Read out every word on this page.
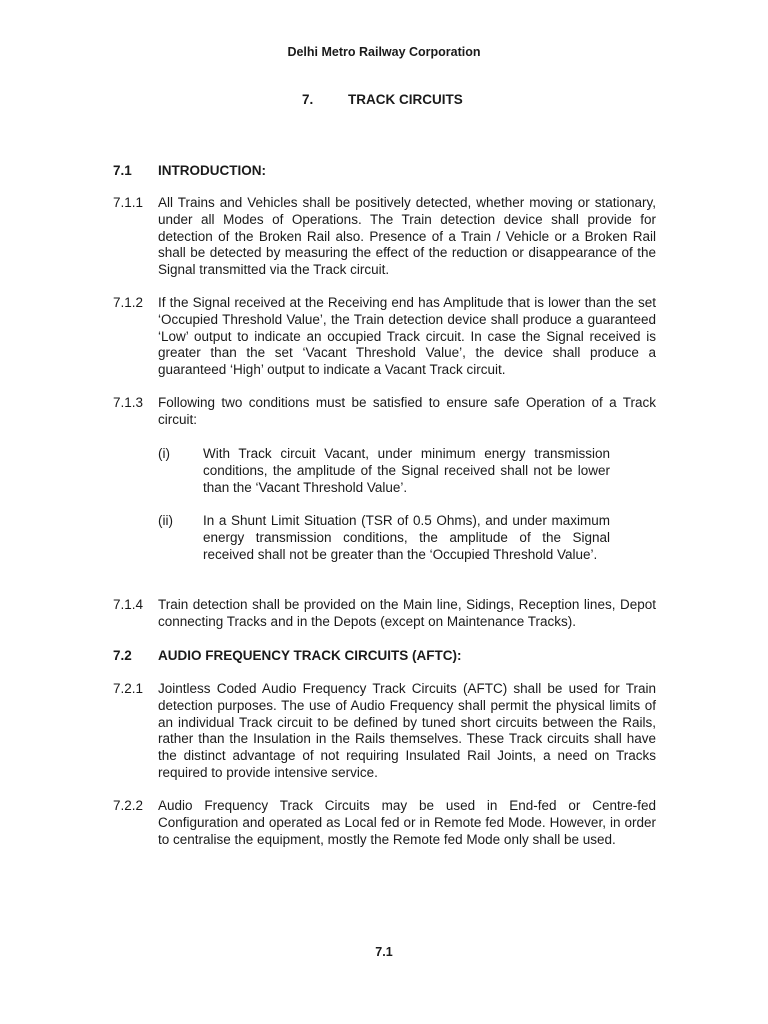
Delhi Metro Railway Corporation
7.	TRACK CIRCUITS
7.1 INTRODUCTION:
7.1.1 All Trains and Vehicles shall be positively detected, whether moving or stationary, under all Modes of Operations. The Train detection device shall provide for detection of the Broken Rail also. Presence of a Train / Vehicle or a Broken Rail shall be detected by measuring the effect of the reduction or disappearance of the Signal transmitted via the Track circuit.
7.1.2 If the Signal received at the Receiving end has Amplitude that is lower than the set ‘Occupied Threshold Value’, the Train detection device shall produce a guaranteed ‘Low’ output to indicate an occupied Track circuit. In case the Signal received is greater than the set ‘Vacant Threshold Value’, the device shall produce a guaranteed ‘High’ output to indicate a Vacant Track circuit.
7.1.3 Following two conditions must be satisfied to ensure safe Operation of a Track circuit:
(i) With Track circuit Vacant, under minimum energy transmission conditions, the amplitude of the Signal received shall not be lower than the ‘Vacant Threshold Value’.
(ii) In a Shunt Limit Situation (TSR of 0.5 Ohms), and under maximum energy transmission conditions, the amplitude of the Signal received shall not be greater than the ‘Occupied Threshold Value’.
7.1.4 Train detection shall be provided on the Main line, Sidings, Reception lines, Depot connecting Tracks and in the Depots (except on Maintenance Tracks).
7.2 AUDIO FREQUENCY TRACK CIRCUITS (AFTC):
7.2.1 Jointless Coded Audio Frequency Track Circuits (AFTC) shall be used for Train detection purposes. The use of Audio Frequency shall permit the physical limits of an individual Track circuit to be defined by tuned short circuits between the Rails, rather than the Insulation in the Rails themselves. These Track circuits shall have the distinct advantage of not requiring Insulated Rail Joints, a need on Tracks required to provide intensive service.
7.2.2 Audio Frequency Track Circuits may be used in End-fed or Centre-fed Configuration and operated as Local fed or in Remote fed Mode. However, in order to centralise the equipment, mostly the Remote fed Mode only shall be used.
7.1
